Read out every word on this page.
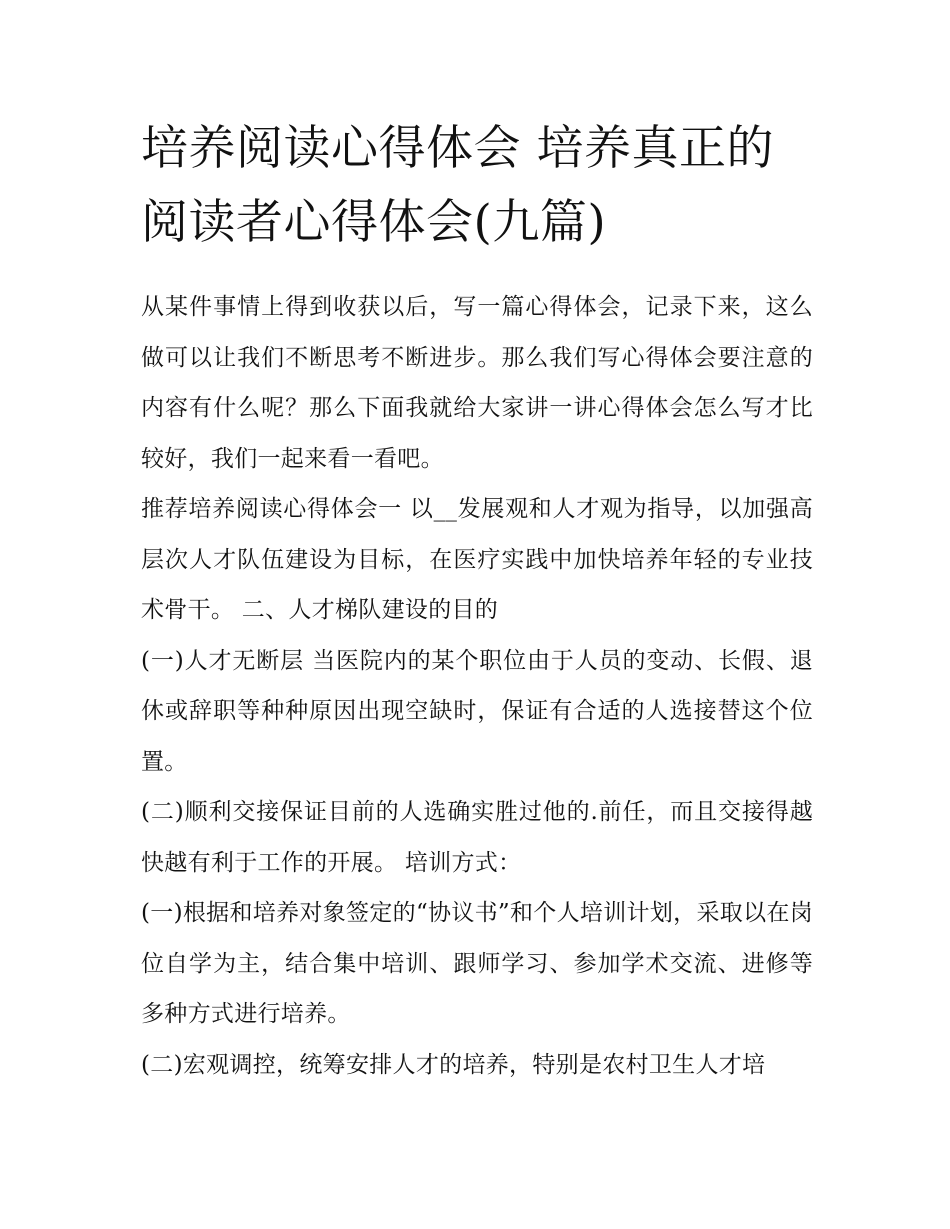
培养阅读心得体会 培养真正的阅读者心得体会(九篇)

从某件事情上得到收获以后，写一篇心得体会，记录下来，这么做可以让我们不断思考不断进步。那么我们写心得体会要注意的内容有什么呢？那么下面我就给大家讲一讲心得体会怎么写才比较好，我们一起来看一看吧。

推荐培养阅读心得体会一 以__发展观和人才观为指导，以加强高层次人才队伍建设为目标，在医疗实践中加快培养年轻的专业技术骨干。 二、人才梯队建设的目的

(一)人才无断层 当医院内的某个职位由于人员的变动、长假、退休或辞职等种种原因出现空缺时，保证有合适的人选接替这个位置。

(二)顺利交接保证目前的人选确实胜过他的.前任，而且交接得越快越有利于工作的开展。 培训方式：

(一)根据和培养对象签定的“协议书”和个人培训计划，采取以在岗位自学为主，结合集中培训、跟师学习、参加学术交流、进修等多种方式进行培养。

(二)宏观调控，统筹安排人才的培养，特别是农村卫生人才培
